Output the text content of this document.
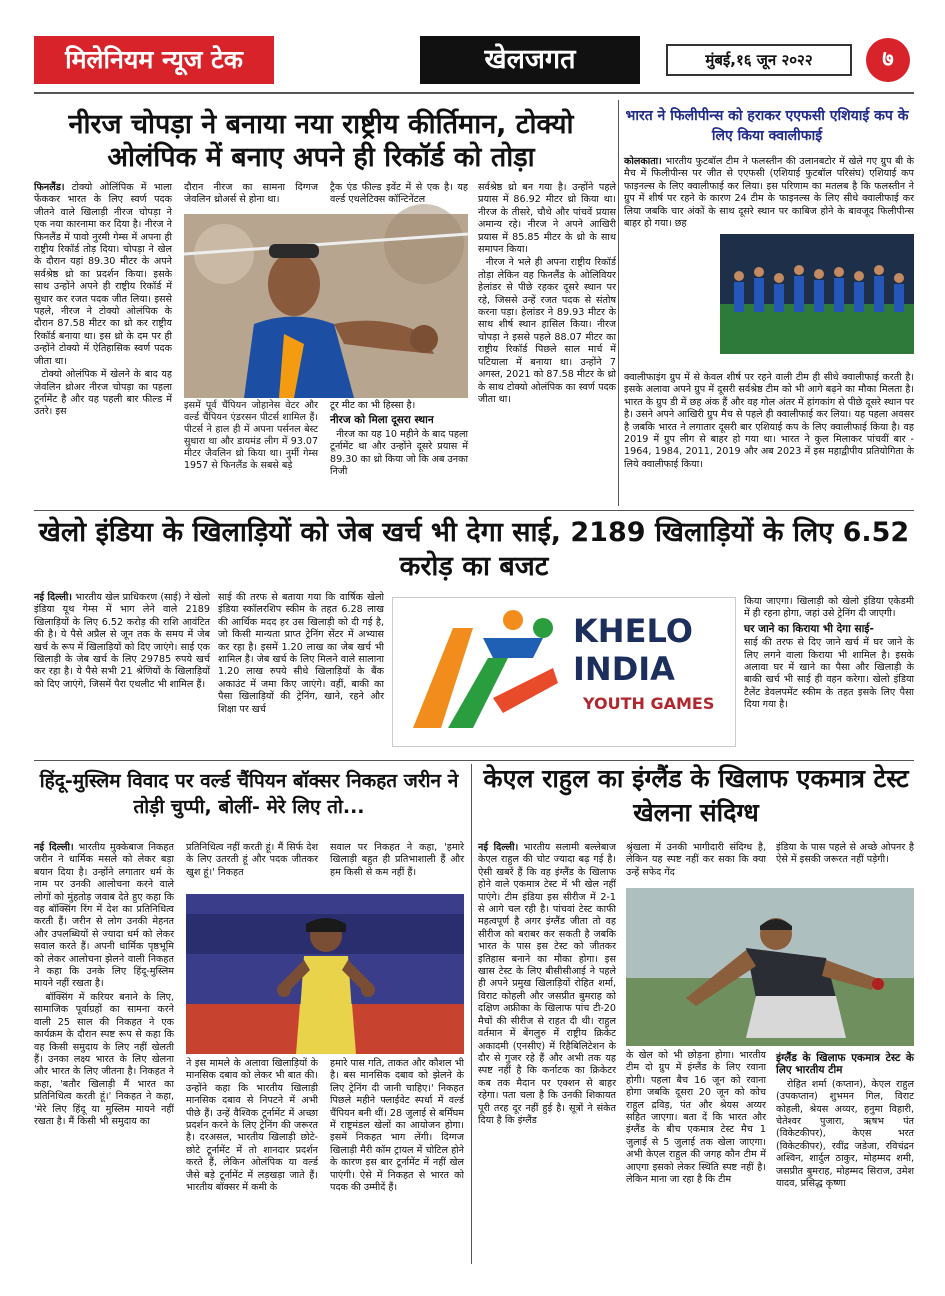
मिलेनियम न्यूज टेक	खेलजगत	मुंबई,१६ जून २०२२	७
नीरज चोपड़ा ने बनाया नया राष्ट्रीय कीर्तिमान, टोक्यो ओलंपिक में बनाए अपने ही रिकॉर्ड को तोड़ा

फिनलैंड। टोक्यो ओलिंपिक में भाला फेंककर भारत के लिए स्वर्ण पदक जीतने वाले खिलाड़ी नीरज चोपड़ा ने एक नया कारनामा कर दिया है। नीरज ने फिनलैंड में पावो नुरमी गेम्स में अपना ही राष्ट्रीय रिकॉर्ड तोड़ दिया। चोपड़ा ने खेल के दौरान यहां 89.30 मीटर के अपने सर्वश्रेष्ठ थ्रो का प्रदर्शन किया। इसके साथ उन्होंने अपने ही राष्ट्रीय रिकॉर्ड में सुधार कर रजत पदक जीत लिया। इससे पहले, नीरज ने टोक्यो ओलंपिक के दौरान 87.58 मीटर का थ्रो कर राष्ट्रीय रिकॉर्ड बनाया था। इस थ्रो के दम पर ही उन्होंने टोक्यो में ऐतिहासिक स्वर्ण पदक जीता था।

टोक्यो ओलंपिक में खेलने के बाद यह जेवलिन थ्रोअर नीरज चोपड़ा का पहला टूर्नामेंट है और यह पहली बार फील्ड में उतरे। इस

दौरान नीरज का सामना दिग्गज जेवलिन थ्रोअर्स से होना था।
ट्रैक एंड फील्ड इवेंट में से एक है। यह वर्ल्ड एथलेटिक्स कॉन्टिनेंटल
इसमें पूर्व चैंपियन जोहानेस वेटर और वर्ल्ड चैंपियन एंडरसन पीटर्स शामिल हैं। पीटर्स ने हाल ही में अपना पर्सनल बेस्ट सुधारा था और डायमंड लीग में 93.07 मीटर जैवलिन थ्रो किया था। नुर्मी गेम्स 1957 से फिनलैंड के सबसे बड़े

टूर मीट का भी हिस्सा है।

नीरज को मिला दूसरा स्थान

नीरज का यह 10 महीने के बाद पहला टूर्नामेंट था और उन्होंने दूसरे प्रयास में 89.30 का थ्रो किया जो कि अब उनका निजी

सर्वश्रेष्ठ थ्रो बन गया है। उन्होंने पहले प्रयास में 86.92 मीटर थ्रो किया था। नीरज के तीसरे, चौथे और पांचवें प्रयास अमान्य रहे। नीरज ने अपने आखिरी प्रयास में 85.85 मीटर के थ्रो के साथ समापन किया।

नीरज ने भले ही अपना राष्ट्रीय रिकॉर्ड तोड़ा लेकिन वह फिनलैंड के ओलिवियर हेलांडर से पीछे रहकर दूसरे स्थान पर रहे, जिससे उन्हें रजत पदक से संतोष करना पड़ा। हेलांडर ने 89.93 मीटर के साथ शीर्ष स्थान हासिल किया। नीरज चोपड़ा ने इससे पहले 88.07 मीटर का राष्ट्रीय रिकॉर्ड पिछले साल मार्च में पटियाला में बनाया था। उन्होंने 7 अगस्त, 2021 को 87.58 मीटर के थ्रो के साथ टोक्यो ओलंपिक का स्वर्ण पदक जीता था।

भारत ने फिलीपीन्स को हराकर एएफसी एशियाई कप के लिए किया क्वालीफाई
कोलकाता। भारतीय फुटबॉल टीम ने फलस्तीन की उलानबटोर में खेले गए ग्रुप बी के मैच में फिलीपीन्स पर जीत से एएफसी (एशियाई फुटबॉल परिसंघ) एशियाई कप फाइनल्स के लिए क्वालीफाई कर लिया। इस परिणाम का मतलब है कि फलस्तीन ने ग्रुप में शीर्ष पर रहने के कारण 24 टीम के फाइनल्स के लिए सीधे क्वालीफाई कर लिया जबकि चार अंकों के साथ दूसरे स्थान पर काबिज होने के बावजूद फिलीपीन्स बाहर हो गया। छह
क्वालीफाइंग ग्रुप में से केवल शीर्ष पर रहने वाली टीम ही सीधे क्वालीफाई करती है। इसके अलावा अपने ग्रुप में दूसरी सर्वश्रेष्ठ टीम को भी आगे बढ़ने का मौका मिलता है। भारत के ग्रुप डी में छह अंक हैं और वह गोल अंतर में हांगकांग से पीछे दूसरे स्थान पर है। उसने अपने आखिरी ग्रुप मैच से पहले ही क्वालीफाई कर लिया। यह पहला अवसर है जबकि भारत ने लगातार दूसरी बार एशियाई कप के लिए क्वालीफाई किया है। वह 2019 में ग्रुप लीग से बाहर हो गया था। भारत ने कुल मिलाकर पांचवीं बार - 1964, 1984, 2011, 2019 और अब 2023 में इस महाद्वीपीय प्रतियोगिता के लिये क्वालीफाई किया।
खेलो इंडिया के खिलाड़ियों को जेब खर्च भी देगा साई, 2189 खिलाड़ियों के लिए 6.52 करोड़ का बजट
नई दिल्ली। भारतीय खेल प्राधिकरण (साई) ने खेलो इंडिया यूथ गेम्स में भाग लेने वाले 2189 खिलाड़ियों के लिए 6.52 करोड़ की राशि आवंटित की है। ये पैसे अप्रैल से जून तक के समय में जेब खर्च के रूप में खिलाड़ियों को दिए जाएंगे। साई एक खिलाड़ी के जेब खर्च के लिए 29785 रुपये खर्च कर रहा है। ये पैसे सभी 21 श्रेणियों के खिलाड़ियों को दिए जाएंगे, जिसमें पैरा एथलीट भी शामिल हैं।
साई की तरफ से बताया गया कि वार्षिक खेलो इंडिया स्कॉलरशिप स्कीम के तहत 6.28 लाख की आर्थिक मदद हर उस खिलाड़ी को दी गई है, जो किसी मान्यता प्राप्त ट्रेनिंग सेंटर में अभ्यास कर रहा है। इसमें 1.20 लाख का जेब खर्च भी शामिल है। जेब खर्च के लिए मिलने वाले सालाना 1.20 लाख रुपये सीधे खिलाड़ियों के बैंक अकाउंट में जमा किए जाएंगे। वहीं, बाकी का पैसा खिलाड़ियों की ट्रेनिंग, खाने, रहने और शिक्षा पर खर्च
KHELO
INDIA
YOUTH GAMES

किया जाएगा। खिलाड़ी को खेलो इंडिया एकेडमी में ही रहना होगा, जहां उसे ट्रेनिंग दी जाएगी।

घर जाने का किराया भी देगा साई-

साई की तरफ से दिए जाने खर्च में घर जाने के लिए लगने वाला किराया भी शामिल है। इसके अलावा घर में खाने का पैसा और खिलाड़ी के बाकी खर्च भी साई ही वहन करेगा। खेलो इंडिया टैलेंट डेवलपमेंट स्कीम के तहत इसके लिए पैसा दिया गया है।

हिंदू-मुस्लिम विवाद पर वर्ल्ड चैंपियन बॉक्सर निकहत जरीन ने तोड़ी चुप्पी, बोलीं- मेरे लिए तो...

नई दिल्ली। भारतीय मुक्केबाज निकहत जरीन ने धार्मिक मसले को लेकर बड़ा बयान दिया है। उन्होंने लगातार धर्म के नाम पर उनकी आलोचना करने वाले लोगों को मुंहतोड़ जवाब देते हुए कहा कि वह बॉक्सिंग रिंग में देश का प्रतिनिधित्व करती हैं। जरीन से लोग उनकी मेहनत और उपलब्धियों से ज्यादा धर्म को लेकर सवाल करते हैं। अपनी धार्मिक पृष्ठभूमि को लेकर आलोचना झेलने वाली निकहत ने कहा कि उनके लिए हिंदू-मुस्लिम मायने नहीं रखता है।

बॉक्सिंग में करियर बनाने के लिए, सामाजिक पूर्वाग्रहों का सामना करने वाली 25 साल की निकहत ने एक कार्यक्रम के दौरान स्पष्ट रूप से कहा कि वह किसी समुदाय के लिए नहीं खेलती हैं। उनका लक्ष्य भारत के लिए खेलना और भारत के लिए जीतना है। निकहत ने कहा, 'बतौर खिलाड़ी मैं भारत का प्रतिनिधित्व करती हूं।' निकहत ने कहा, 'मेरे लिए हिंदू या मुस्लिम मायने नहीं रखता है। मैं किसी भी समुदाय का

प्रतिनिधित्व नहीं करती हूं। मैं सिर्फ देश के लिए उतरती हूं और पदक जीतकर खुश हूं।' निकहत
सवाल पर निकहत ने कहा, 'हमारे खिलाड़ी बहुत ही प्रतिभाशाली हैं और हम किसी से कम नहीं हैं।
ने इस मामले के अलावा खिलाड़ियों के मानसिक दबाव को लेकर भी बात की। उन्होंने कहा कि भारतीय खिलाड़ी मानसिक दबाव से निपटने में अभी पीछे हैं। उन्हें वैश्विक टूर्नामेंट में अच्छा प्रदर्शन करने के लिए ट्रेनिंग की जरूरत है। दरअसल, भारतीय खिलाड़ी छोटे-छोटे टूर्नामेंट में तो शानदार प्रदर्शन करते हैं, लेकिन ओलंपिक या वर्ल्ड जैसे बड़े टूर्नामेंट में लड़खड़ा जाते हैं। भारतीय बॉक्सर में कमी के
हमारे पास गति, ताकत और कौशल भी है। बस मानसिक दबाव को झेलने के लिए ट्रेनिंग दी जानी चाहिए।' निकहत पिछले महीने फ्लाईवेट स्पर्धा में वर्ल्ड चैंपियन बनी थीं। 28 जुलाई से बर्मिंघम में राष्ट्रमंडल खेलों का आयोजन होगा। इसमें निकहत भाग लेंगी। दिग्गज खिलाड़ी मैरी कॉम ट्रायल में चोटिल होने के कारण इस बार टूर्नामेंट में नहीं खेल पाएंगी। ऐसे में निकहत से भारत को पदक की उम्मीदें हैं।
केएल राहुल का इंग्लैंड के खिलाफ एकमात्र टेस्ट खेलना संदिग्ध
नई दिल्ली। भारतीय सलामी बल्लेबाज केएल राहुल की चोट ज्यादा बढ़ गई है। ऐसी खबरें हैं कि वह इंग्लैंड के खिलाफ होने वाले एकमात्र टेस्ट में भी खेल नहीं पाएंगे। टीम इंडिया इस सीरीज में 2-1 से आगे चल रही है। पांचवां टेस्ट काफी महत्वपूर्ण है अगर इंग्लैंड जीता तो वह सीरीज को बराबर कर सकती है जबकि भारत के पास इस टेस्ट को जीतकर इतिहास बनाने का मौका होगा। इस खास टेस्ट के लिए बीसीसीआई ने पहले ही अपने प्रमुख खिलाड़ियों रोहित शर्मा, विराट कोहली और जसप्रीत बुमराह को दक्षिण अफ्रीका के खिलाफ पांच टी-20 मैचों की सीरीज से राहत दी थी। राहुल वर्तमान में बेंगलुरु में राष्ट्रीय क्रिकेट अकादमी (एनसीए) में रिहैबिलिटेशन के दौर से गुजर रहे हैं और अभी तक यह स्पष्ट नहीं है कि कर्नाटक का क्रिकेटर कब तक मैदान पर एक्शन से बाहर रहेगा। पता चला है कि उनकी शिकायत पूरी तरह दूर नहीं हुई है। सूत्रों ने संकेत दिया है कि इंग्लैंड
श्रृंखला में उनकी भागीदारी संदिग्ध है, लेकिन यह स्पष्ट नहीं कर सका कि क्या उन्हें सफेद गेंद
इंडिया के पास पहले से अच्छे ओपनर है ऐसे में इसकी जरूरत नहीं पड़ेगी।
के खेल को भी छोड़ना होगा। भारतीय टीम दो ग्रुप में इंग्लैंड के लिए रवाना होगी। पहला बैच 16 जून को रवाना होगा जबकि दूसरा 20 जून को कोच राहुल द्रविड़, पंत और श्रेयस अय्यर सहित जाएगा। बता दें कि भारत और इंग्लैंड के बीच एकमात्र टेस्ट मैच 1 जुलाई से 5 जुलाई तक खेला जाएगा। अभी केएल राहुल की जगह कौन टीम में आएगा इसको लेकर स्थिति स्पष्ट नहीं है। लेकिन माना जा रहा है कि टीम
इंग्लैंड के खिलाफ एकमात्र टेस्ट के लिए भारतीय टीम

रोहित शर्मा (कप्तान), केएल राहुल (उपकप्तान) शुभमन गिल, विराट कोहली, श्रेयस अय्यर, हनुमा विहारी, चेतेश्वर पुजारा, ऋषभ पंत (विकेटकीपर), केएस भरत (विकेटकीपर), रवींद्र जडेजा, रविचंद्रन अश्विन, शार्दुल ठाकुर, मोहम्मद शमी, जसप्रीत बुमराह, मोहम्मद सिराज, उमेश यादव, प्रसिद्ध कृष्णा
